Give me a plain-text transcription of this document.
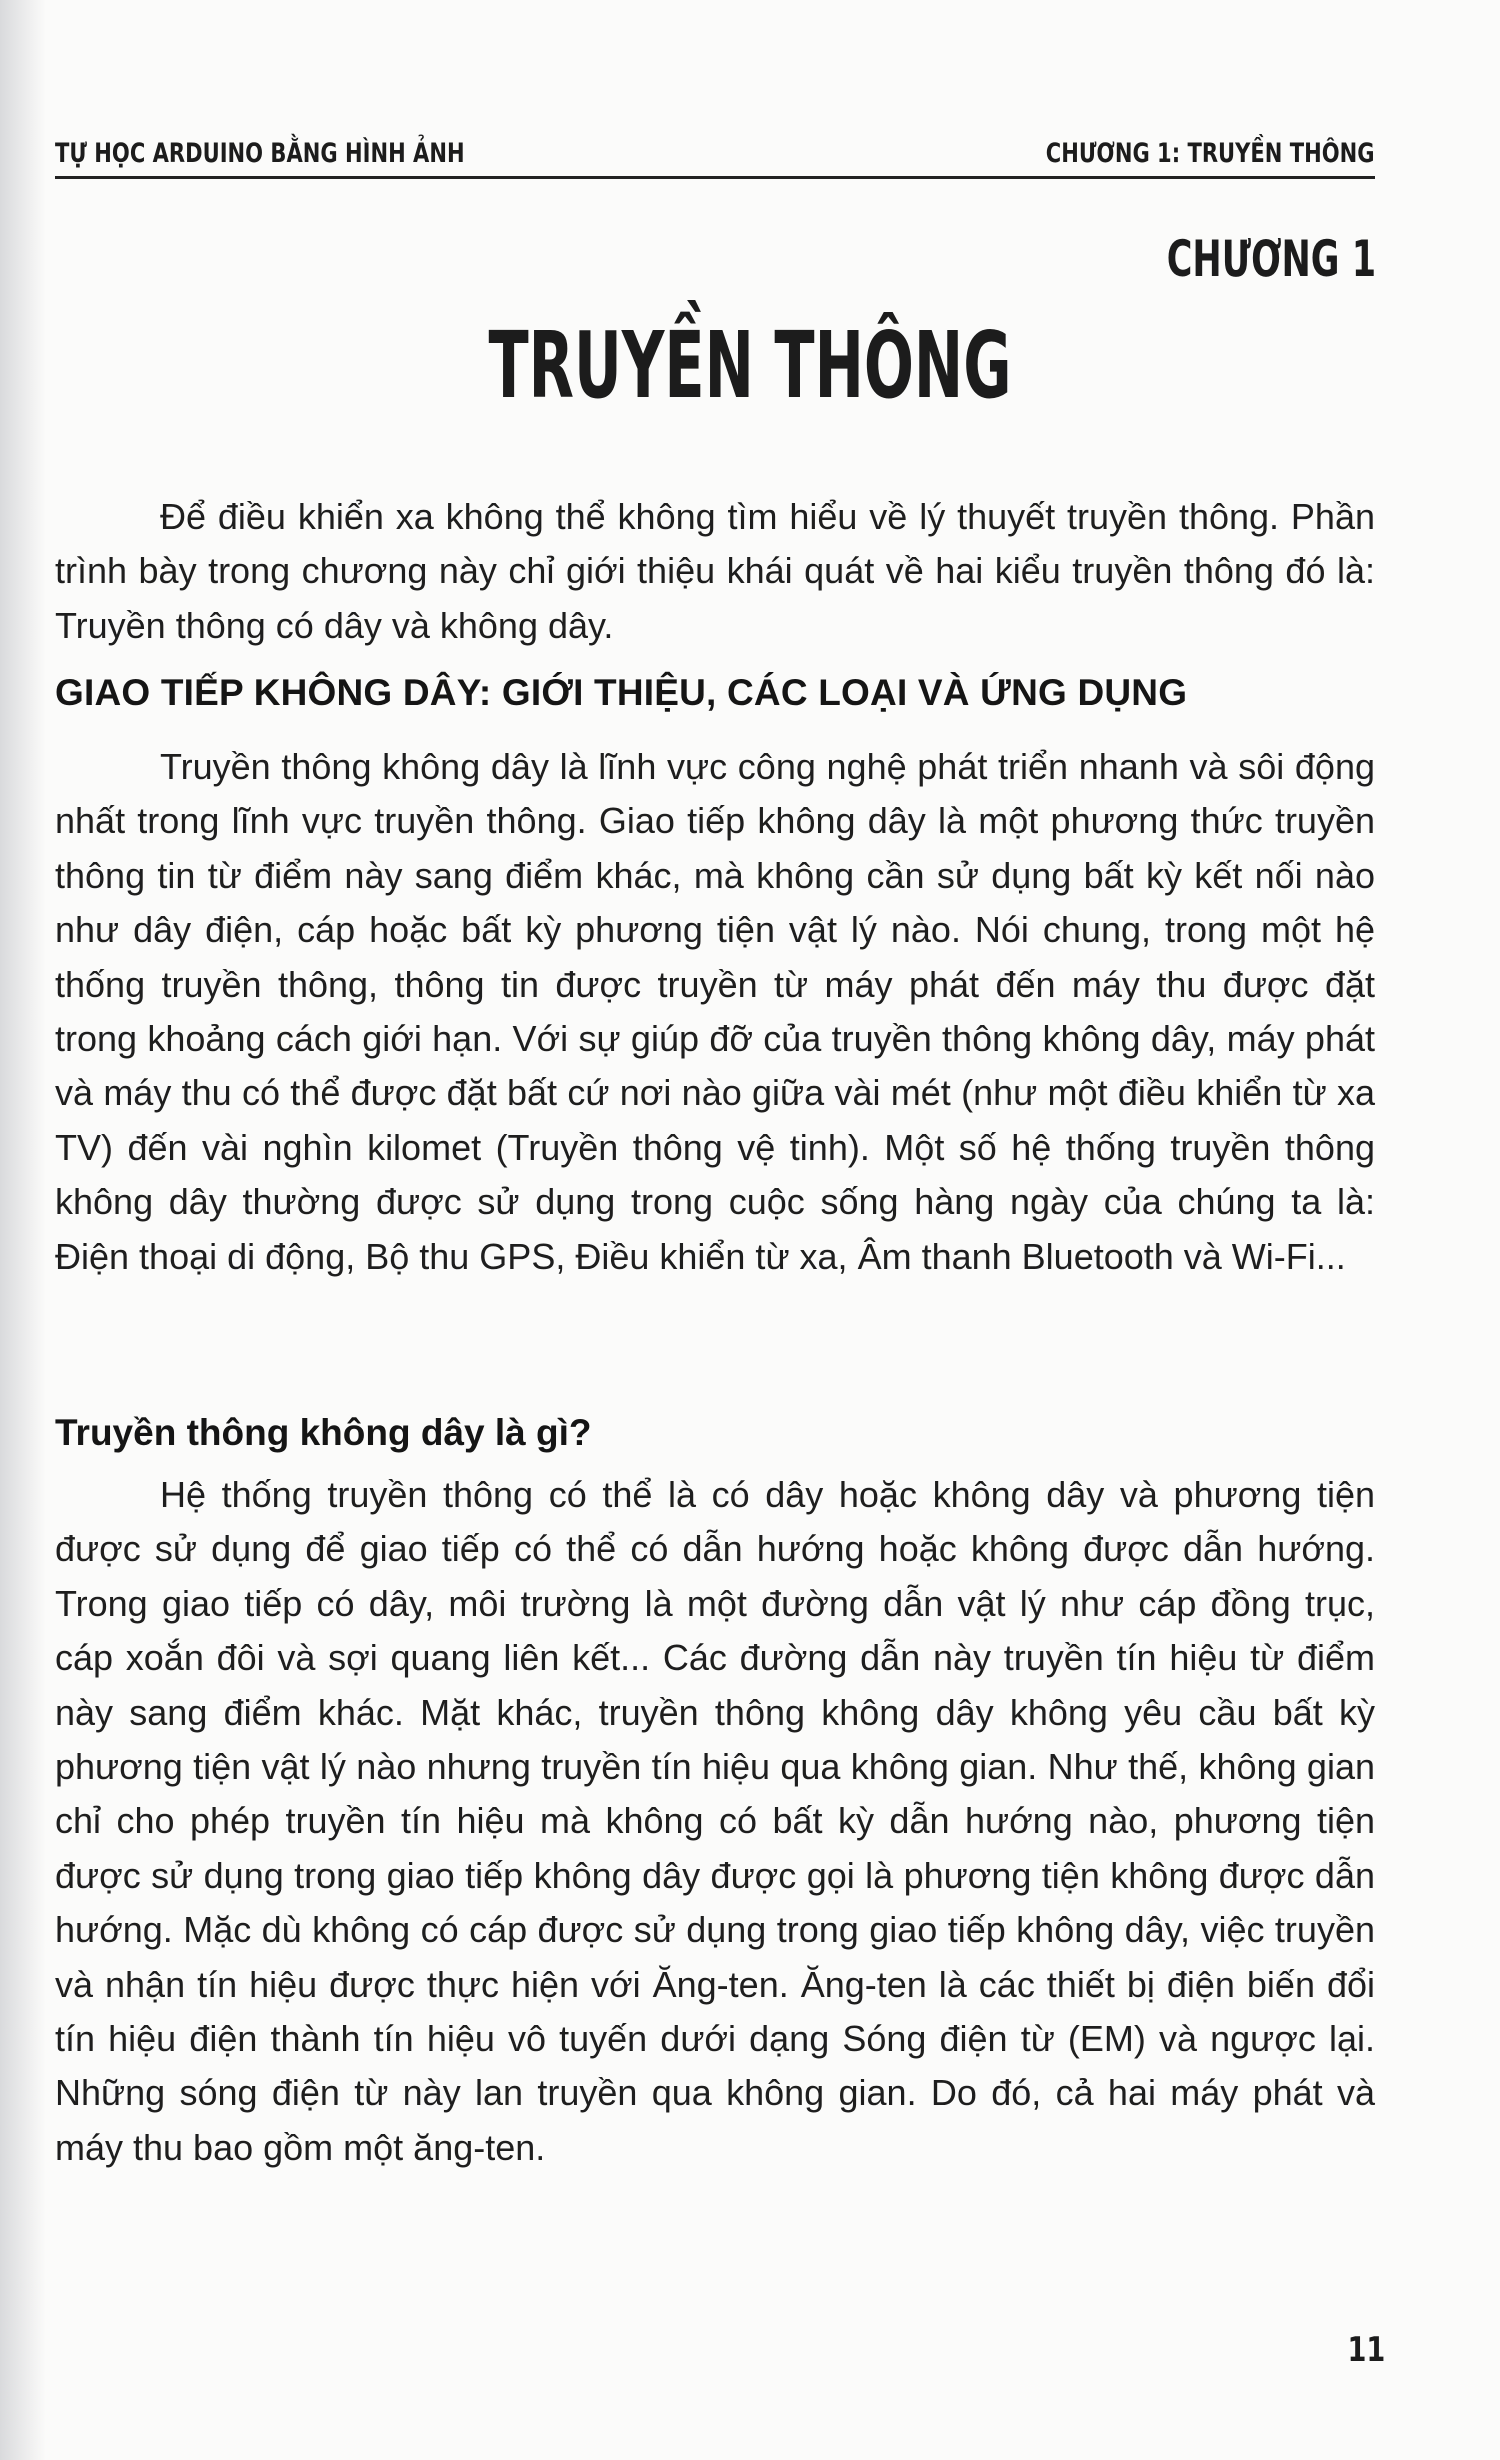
TỰ HỌC ARDUINO BẰNG HÌNH ẢNH	CHƯƠNG 1: TRUYỀN THÔNG
CHƯƠNG 1
TRUYỀN THÔNG

Để điều khiển xa không thể không tìm hiểu về lý thuyết truyền thông. Phần trình bày trong chương này chỉ giới thiệu khái quát về hai kiểu truyền thông đó là: Truyền thông có dây và không dây.

GIAO TIẾP KHÔNG DÂY: GIỚI THIỆU, CÁC LOẠI VÀ ỨNG DỤNG

Truyền thông không dây là lĩnh vực công nghệ phát triển nhanh và sôi động nhất trong lĩnh vực truyền thông. Giao tiếp không dây là một phương thức truyền thông tin từ điểm này sang điểm khác, mà không cần sử dụng bất kỳ kết nối nào như dây điện, cáp hoặc bất kỳ phương tiện vật lý nào. Nói chung, trong một hệ thống truyền thông, thông tin được truyền từ máy phát đến máy thu được đặt trong khoảng cách giới hạn. Với sự giúp đỡ của truyền thông không dây, máy phát và máy thu có thể được đặt bất cứ nơi nào giữa vài mét (như một điều khiển từ xa TV) đến vài nghìn kilomet (Truyền thông vệ tinh). Một số hệ thống truyền thông không dây thường được sử dụng trong cuộc sống hàng ngày của chúng ta là: Điện thoại di động, Bộ thu GPS, Điều khiển từ xa, Âm thanh Bluetooth và Wi-Fi...

Truyền thông không dây là gì?

Hệ thống truyền thông có thể là có dây hoặc không dây và phương tiện được sử dụng để giao tiếp có thể có dẫn hướng hoặc không được dẫn hướng. Trong giao tiếp có dây, môi trường là một đường dẫn vật lý như cáp đồng trục, cáp xoắn đôi và sợi quang liên kết... Các đường dẫn này truyền tín hiệu từ điểm này sang điểm khác. Mặt khác, truyền thông không dây không yêu cầu bất kỳ phương tiện vật lý nào nhưng truyền tín hiệu qua không gian. Như thế, không gian chỉ cho phép truyền tín hiệu mà không có bất kỳ dẫn hướng nào, phương tiện được sử dụng trong giao tiếp không dây được gọi là phương tiện không được dẫn hướng. Mặc dù không có cáp được sử dụng trong giao tiếp không dây, việc truyền và nhận tín hiệu được thực hiện với Ăng-ten. Ăng-ten là các thiết bị điện biến đổi tín hiệu điện thành tín hiệu vô tuyến dưới dạng Sóng điện từ (EM) và ngược lại. Những sóng điện từ này lan truyền qua không gian. Do đó, cả hai máy phát và máy thu bao gồm một ăng-ten.

11
